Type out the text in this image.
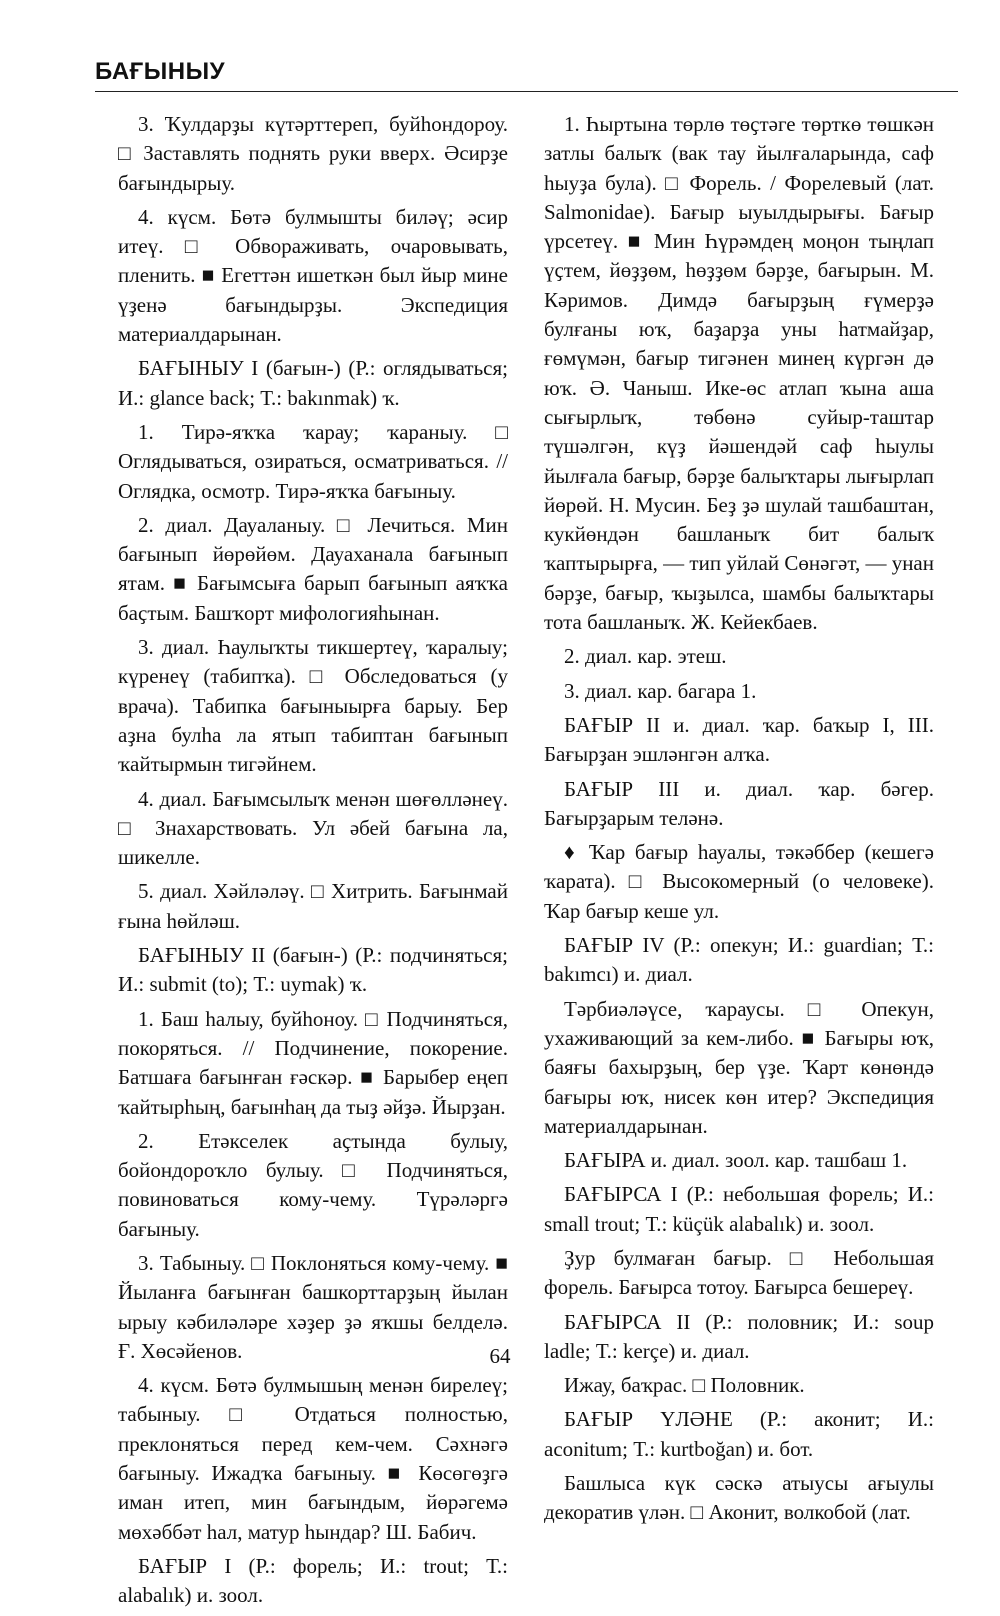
БАҒЫНЫУ

3. Ҡулдарҙы күтәрттереп, буйһондороу. □ Заставлять поднять руки вверх. Әсирҙе бағындырыу.

4. күсм. Бөтә булмышты биләү; әсир итеү. □ Обвораживать, очаровывать, пленить. ■ Егеттән ишеткән был йыр мине үҙенә бағындырҙы. Экспедиция материалдарынан.

БАҒЫНЫУ I (бағын-) (Р.: оглядываться; И.: glance back; Т.: bakınmak) ҡ.

1. Тирә-яҡҡа ҡарау; ҡараныу. □ Оглядываться, озираться, осматриваться. // Оглядка, осмотр. Тирә-яҡҡа бағыныу.

2. диал. Дауаланыу. □ Лечиться. Мин бағынып йөрөйөм. Дауаханала бағынып ятам. ■ Бағымсыға барып бағынып аяҡҡа баҫтым. Башҡорт мифологияһынан.

3. диал. Һаулыҡты тикшертеү, ҡаралыу; күренеү (табипҡа). □ Обследоваться (у врача). Табипка бағыныырға барыу. Бер аҙна булһа ла ятып табиптан бағынып ҡайтырмын тигәйнем.

4. диал. Бағымсылыҡ менән шөғөлләнеү. □ Знахарствовать. Ул әбей бағына ла, шикелле.

5. диал. Хәйләләү. □ Хитрить. Бағынмай ғына һөйләш.

БАҒЫНЫУ II (бағын-) (Р.: подчиняться; И.: submit (to); Т.: uymak) ҡ.

1. Баш һалыу, буйһоноу. □ Подчиняться, покоряться. // Подчинение, покорение. Батшаға бағынған ғәскәр. ■ Барыбер еңеп ҡайтырһың, бағынһаң да тыҙ әйҙә. Йырҙан.

2. Етәкселек аҫтында булыу, бойондороҡло булыу. □ Подчиняться, повиноваться кому-чему. Түрәләргә бағыныу.

3. Табыныу. □ Поклоняться кому-чему. ■ Йыланға бағынған башкорттарҙың йылан ырыу кәбиләләре хәҙер ҙә яҡшы белделә. Ғ. Хөсәйенов.

4. күсм. Бөтә булмышың менән бирелеү; табыныу. □ Отдаться полностью, преклоняться перед кем-чем. Сәхнәгә бағыныу. Ижадҡа бағыныу. ■ Көсөгөҙгә иман итеп, мин бағындым, йөрәгемә мөхәббәт һал, матур һындар? Ш. Бабич.

БАҒЫР I (Р.: форель; И.: trout; Т.: alabalık) и. зоол.

1. Һыртына төрлө төҫтәге төрткө төшкән затлы балыҡ (вак тау йылғаларында, саф һыуҙа була). □ Форель. / Форелевый (лат. Salmonidae). Бағыр ыуылдырығы. Бағыр үрсетеү. ■ Мин Һүрәмдең моңон тыңлап үҫтем, йөҙҙөм, һөҙҙөм бәрҙе, бағырын. М. Кәримов. Димдә бағырҙың ғүмерҙә булғаны юҡ, баҙарҙа уны һатмайҙар, ғөмүмән, бағыр тигәнен минең күргән дә юҡ. Ә. Чаныш. Ике-өс атлап ҡына аша сығырлыҡ, төбөнә суйыр-таштар түшәлгән, күҙ йәшендәй саф һыулы йылғала бағыр, бәрҙе балыҡтары лығырлап йөрөй. Н. Мусин. Беҙ ҙә шулай ташбаштан, кукйөндән башланыҡ бит балыҡ ҡаптырырға, — тип уйлай Сөнәгәт, — унан бәрҙе, бағыр, ҡыҙылса, шамбы балыҡтары тота башланыҡ. Ж. Кейекбаев.

2. диал. кар. этеш.

3. диал. кар. багара 1.

БАҒЫР II и. диал. ҡар. баҡыр I, III. Бағырҙан эшләнгән алҡа.

БАҒЫР III и. диал. ҡар. бәгер. Бағырҙарым теләнә.

♦ Ҡар бағыр һауалы, тәкәббер (кешегә ҡарата). □ Высокомерный (о человеке). Ҡар бағыр кеше ул.

БАҒЫР IV (Р.: опекун; И.: guardian; Т.: bakımcı) и. диал.

Тәрбиәләүсе, ҡараусы. □ Опекун, ухаживающий за кем-либо. ■ Бағыры юҡ, баяғы бахырҙың, бер үҙе. Ҡарт көнөндә бағыры юҡ, нисек көн итер? Экспедиция материалдарынан.

БАҒЫРА и. диал. зоол. кар. ташбаш 1.

БАҒЫРСА I (Р.: небольшая форель; И.: small trout; Т.: küçük alabalık) и. зоол.

Ҙур булмаған бағыр. □ Небольшая форель. Бағырса тотоу. Бағырса бешереү.

БАҒЫРСА II (Р.: половник; И.: soup ladle; Т.: kerçe) и. диал.

Ижау, баҡрас. □ Половник.

БАҒЫР ҮЛӘНЕ (Р.: аконит; И.: aconitum; Т.: kurtboğan) и. бот.

Башлыса күк сәскә атыусы ағыулы декоратив үлән. □ Аконит, волкобой (лат.

64
